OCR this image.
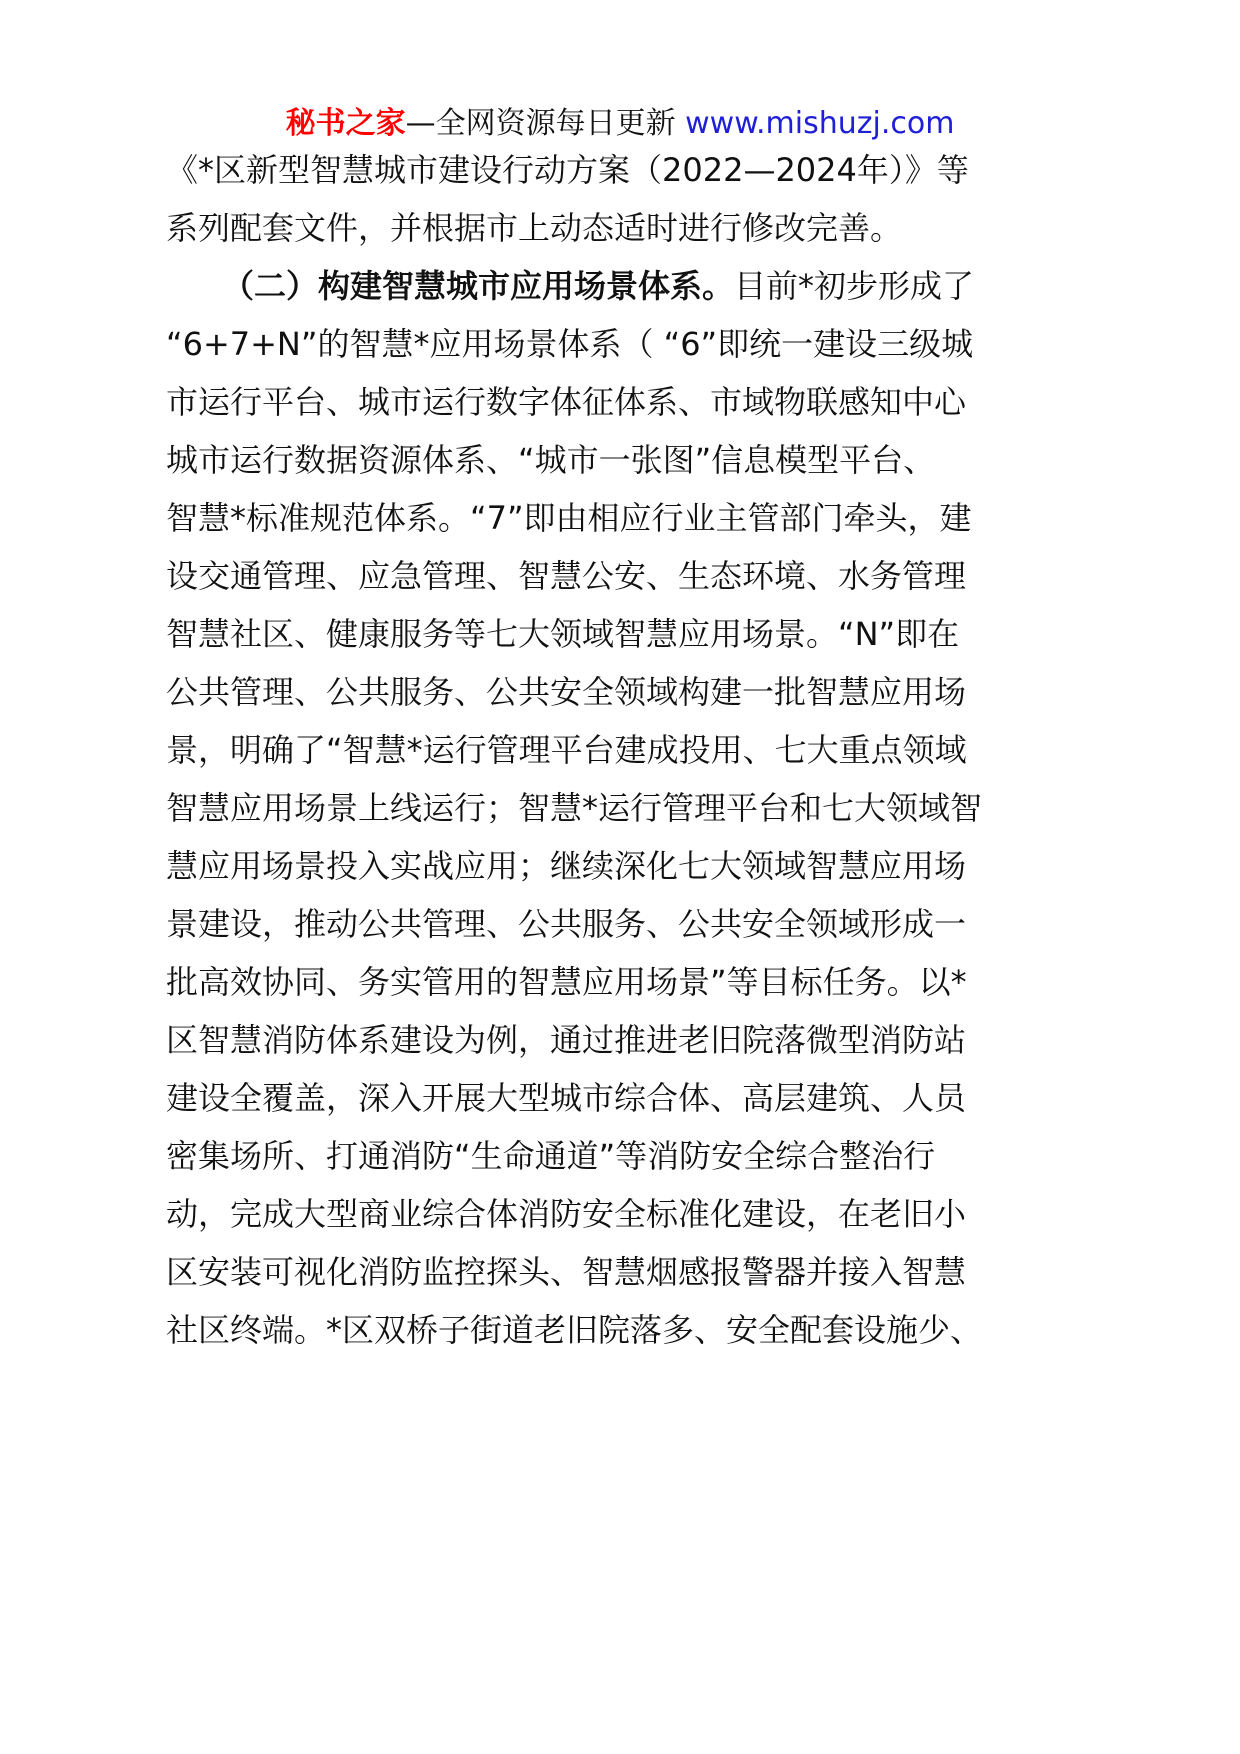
秘书之家—全网资源每日更新 www.mishuzj.com
《*区新型智慧城市建设行动方案（2022—2024年）》等
系列配套文件，并根据市上动态适时进行修改完善。
（二）构建智慧城市应用场景体系。目前*初步形成了
“6+7+N”的智慧*应用场景体系（ “6”即统一建设三级城
市运行平台、城市运行数字体征体系、市域物联感知中心
城市运行数据资源体系、“城市一张图”信息模型平台、
智慧*标准规范体系。“7”即由相应行业主管部门牵头，建
设交通管理、应急管理、智慧公安、生态环境、水务管理
智慧社区、健康服务等七大领域智慧应用场景。“N”即在
公共管理、公共服务、公共安全领域构建一批智慧应用场
景，明确了“智慧*运行管理平台建成投用、七大重点领域
智慧应用场景上线运行；智慧*运行管理平台和七大领域智
慧应用场景投入实战应用；继续深化七大领域智慧应用场
景建设，推动公共管理、公共服务、公共安全领域形成一
批高效协同、务实管用的智慧应用场景”等目标任务。以*
区智慧消防体系建设为例，通过推进老旧院落微型消防站
建设全覆盖，深入开展大型城市综合体、高层建筑、人员
密集场所、打通消防“生命通道”等消防安全综合整治行
动，完成大型商业综合体消防安全标准化建设，在老旧小
区安装可视化消防监控探头、智慧烟感报警器并接入智慧
社区终端。*区双桥子街道老旧院落多、安全配套设施少、
